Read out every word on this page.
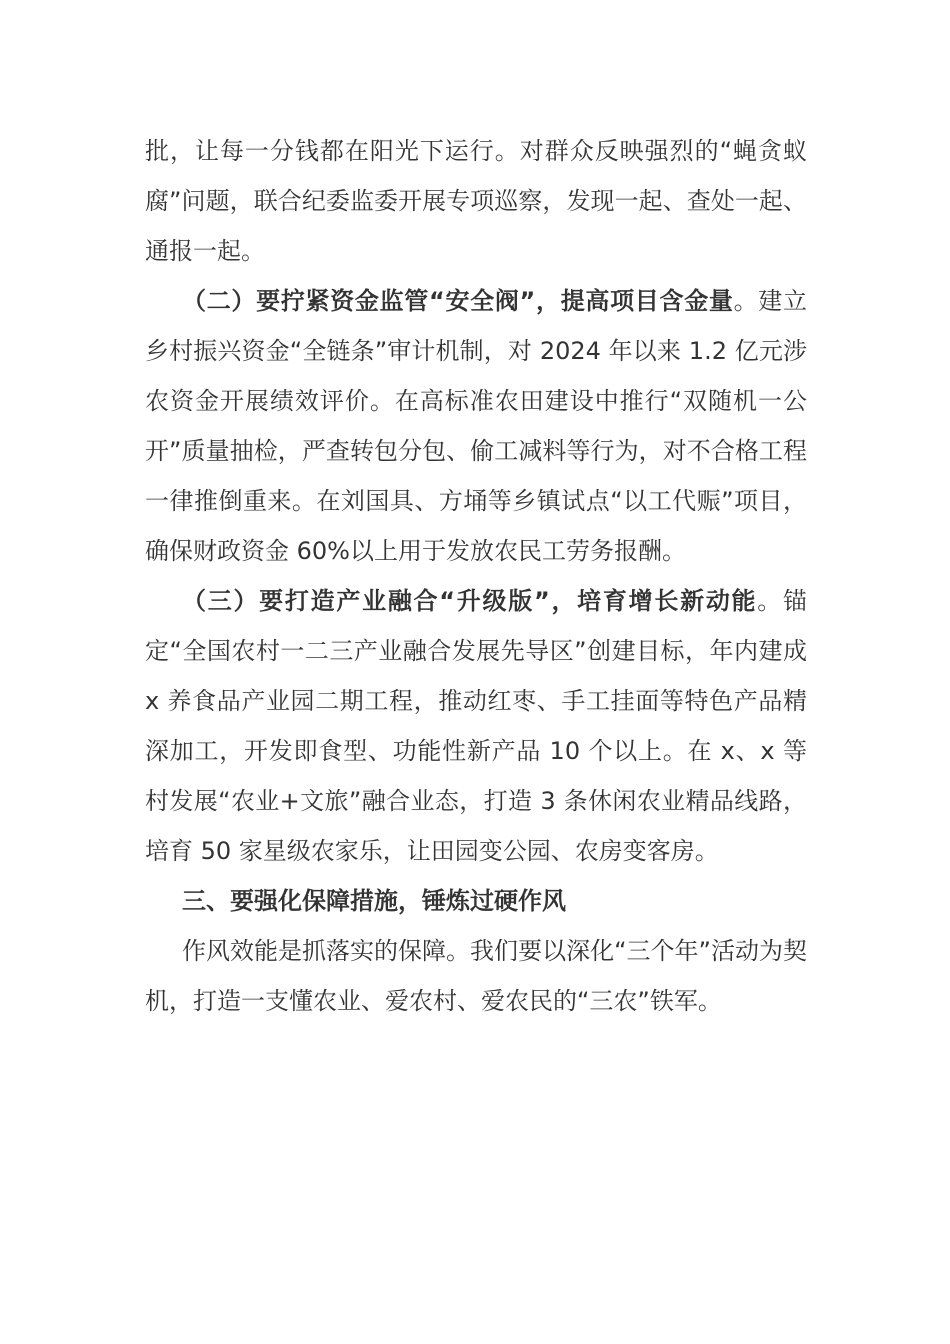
批，让每一分钱都在阳光下运行。对群众反映强烈的“蝇贪蚁腐”问题，联合纪委监委开展专项巡察，发现一起、查处一起、通报一起。

（二）要拧紧资金监管“安全阀”，提高项目含金量。建立乡村振兴资金“全链条”审计机制，对 2024 年以来 1.2 亿元涉农资金开展绩效评价。在高标准农田建设中推行“双随机一公开”质量抽检，严查转包分包、偷工减料等行为，对不合格工程一律推倒重来。在刘国具、方埇等乡镇试点“以工代赈”项目，确保财政资金 60%以上用于发放农民工劳务报酬。

（三）要打造产业融合“升级版”，培育增长新动能。锚定“全国农村一二三产业融合发展先导区”创建目标，年内建成 x 养食品产业园二期工程，推动红枣、手工挂面等特色产品精深加工，开发即食型、功能性新产品 10 个以上。在 x、x 等村发展“农业+文旅”融合业态，打造 3 条休闲农业精品线路，培育 50 家星级农家乐，让田园变公园、农房变客房。

三、要强化保障措施，锤炼过硬作风

作风效能是抓落实的保障。我们要以深化“三个年”活动为契机，打造一支懂农业、爱农村、爱农民的“三农”铁军。
